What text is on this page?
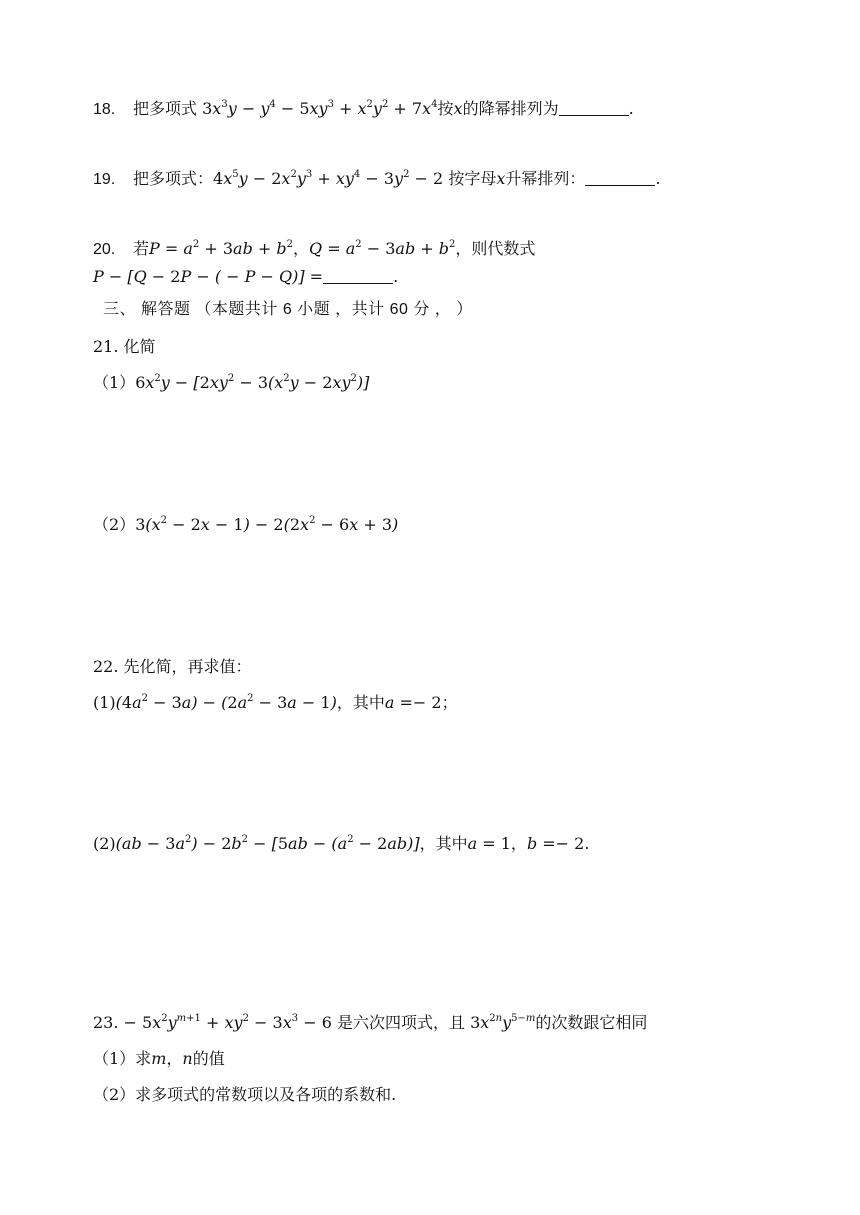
18. 把多项式 $3x^3y - y^4 - 5xy^3 + x^2y^2 + 7x^4$按x的降幂排列为	.
19. 把多项式：$4x^5y - 2x^2y^3 + xy^4 - 3y^2 - 2$ 按字母x升幂排列：	.
20. 若$P = a^2 + 3ab + b^2$，$Q = a^2 - 3ab + b^2$，则代数式
P − [Q − 2P − ( − P − Q)] =	.
三、 解答题 （本题共计 6 小题 ，共计 60 分 ， ）
21. 化简
$(1)6x^2y - [2xy^2 - 3(x^2y - 2xy^2)]$
$(2)3(x^2 - 2x - 1) - 2(2x^2 - 6x + 3)$
22. 先化简，再求值：
$(1)(4a^2 - 3a) - (2a^2 - 3a - 1)$，其中a =− 2；
$(2)(ab - 3a^2) - 2b^2 - [5ab - (a^2 - 2ab)]$，其中a = 1，b =− 2.
23. − $5x^2y^{m+1} + xy^2 - 3x^3 - 6$ 是六次四项式，且 $3x^{2n}y^{5-m}$的次数跟它相同
（1）求m，n的值
（2）求多项式的常数项以及各项的系数和.
